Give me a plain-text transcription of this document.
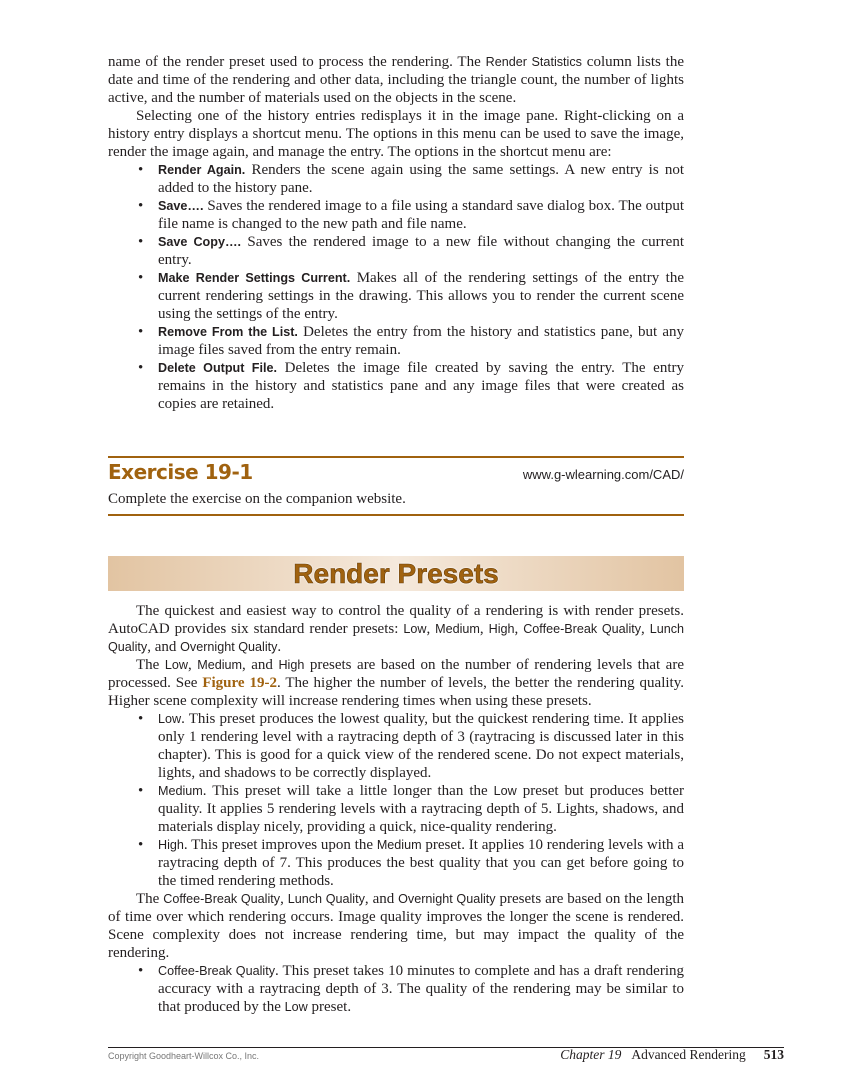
name of the render preset used to process the rendering. The Render Statistics column lists the date and time of the rendering and other data, including the triangle count, the number of lights active, and the number of materials used on the objects in the scene.

Selecting one of the history entries redisplays it in the image pane. Right-clicking on a history entry displays a shortcut menu. The options in this menu can be used to save the image, render the image again, and manage the entry. The options in the shortcut menu are:

• Render Again. Renders the scene again using the same settings. A new entry is not added to the history pane.
• Save…. Saves the rendered image to a file using a standard save dialog box. The output file name is changed to the new path and file name.
• Save Copy…. Saves the rendered image to a new file without changing the current entry.
• Make Render Settings Current. Makes all of the rendering settings of the entry the current rendering settings in the drawing. This allows you to render the current scene using the settings of the entry.
• Remove From the List. Deletes the entry from the history and statistics pane, but any image files saved from the entry remain.
• Delete Output File. Deletes the image file created by saving the entry. The entry remains in the history and statistics pane and any image files that were created as copies are retained.
Exercise 19-1	www.g-wlearning.com/CAD/

Complete the exercise on the companion website.

Render Presets

The quickest and easiest way to control the quality of a rendering is with render presets. AutoCAD provides six standard render presets: Low, Medium, High, Coffee-Break Quality, Lunch Quality, and Overnight Quality.

The Low, Medium, and High presets are based on the number of rendering levels that are processed. See Figure 19-2. The higher the number of levels, the better the rendering quality. Higher scene complexity will increase rendering times when using these presets.

• Low. This preset produces the lowest quality, but the quickest rendering time. It applies only 1 rendering level with a raytracing depth of 3 (raytracing is discussed later in this chapter). This is good for a quick view of the rendered scene. Do not expect materials, lights, and shadows to be correctly displayed.
• Medium. This preset will take a little longer than the Low preset but produces better quality. It applies 5 rendering levels with a raytracing depth of 5. Lights, shadows, and materials display nicely, providing a quick, nice-quality rendering.
• High. This preset improves upon the Medium preset. It applies 10 rendering levels with a raytracing depth of 7. This produces the best quality that you can get before going to the timed rendering methods.

The Coffee-Break Quality, Lunch Quality, and Overnight Quality presets are based on the length of time over which rendering occurs. Image quality improves the longer the scene is rendered. Scene complexity does not increase rendering time, but may impact the quality of the rendering.

• Coffee-Break Quality. This preset takes 10 minutes to complete and has a draft rendering accuracy with a raytracing depth of 3. The quality of the rendering may be similar to that produced by the Low preset.
Copyright Goodheart-Willcox Co., Inc.	Chapter 19 Advanced Rendering 513
